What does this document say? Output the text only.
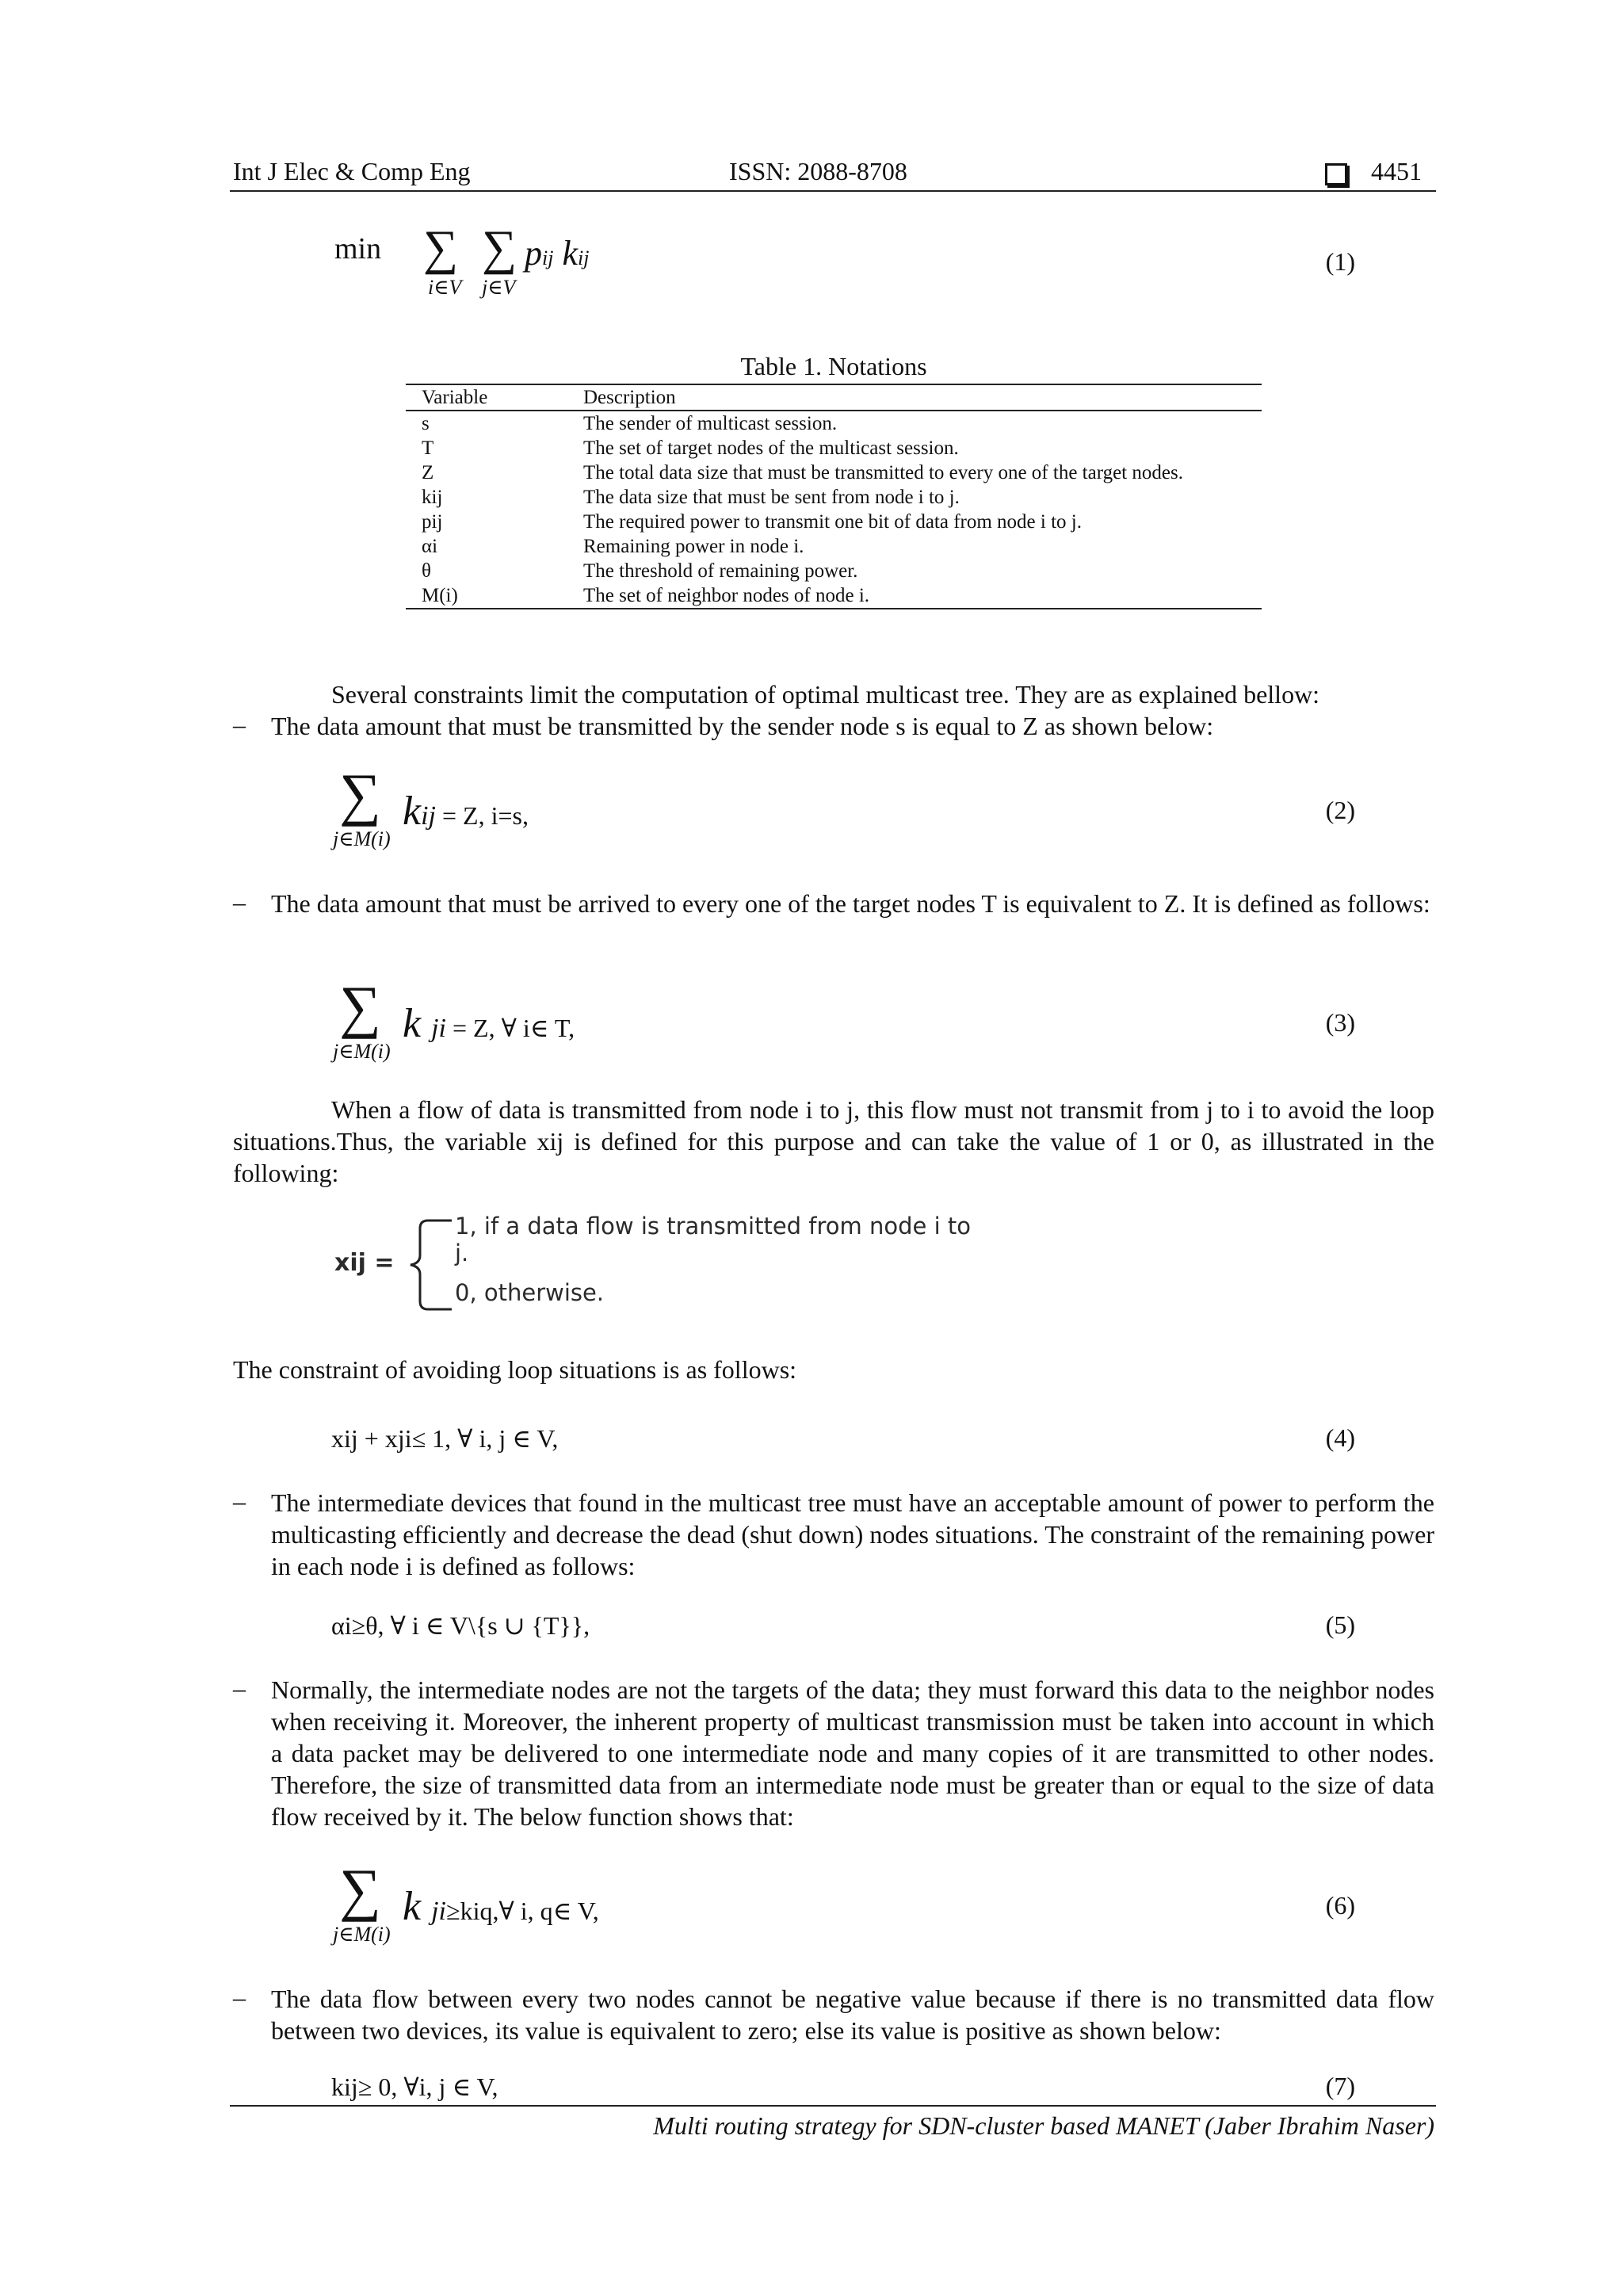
Int J Elec & Comp Eng	ISSN: 2088-8708	4451
min ∑ ∑
i∈V j∈V
pij kij	(1)
Table 1. Notations
Variable	Description
s	The sender of multicast session.
T	The set of target nodes of the multicast session.
Z	The total data size that must be transmitted to every one of the target nodes.
kij	The data size that must be sent from node i to j.
pij	The required power to transmit one bit of data from node i to j.
αi	Remaining power in node i.
θ	The threshold of remaining power.
M(i)	The set of neighbor nodes of node i.
Several constraints limit the computation of optimal multicast tree. They are as explained bellow:
– The data amount that must be transmitted by the sender node s is equal to Z as shown below:
∑
j∈M(i)
kij = Z, i=s,	(2)
– The data amount that must be arrived to every one of the target nodes T is equivalent to Z. It is defined as follows:
∑
j∈M(i)
k ji = Z, ∀ i∈ T,	(3)
When a flow of data is transmitted from node i to j, this flow must not transmit from j to i to avoid the loop situations.Thus, the variable xij is defined for this purpose and can take the value of 1 or 0, as illustrated in the following:
xij =
1, if a data flow is transmitted from node i to j.
0, otherwise.
The constraint of avoiding loop situations is as follows:
xij + xji≤ 1, ∀ i, j ∈ V,	(4)
– The intermediate devices that found in the multicast tree must have an acceptable amount of power to perform the multicasting efficiently and decrease the dead (shut down) nodes situations. The constraint of the remaining power in each node i is defined as follows:
αi≥θ, ∀ i ∈ V\{s ∪ {T}},	(5)
– Normally, the intermediate nodes are not the targets of the data; they must forward this data to the neighbor nodes when receiving it. Moreover, the inherent property of multicast transmission must be taken into account in which a data packet may be delivered to one intermediate node and many copies of it are transmitted to other nodes. Therefore, the size of transmitted data from an intermediate node must be greater than or equal to the size of data flow received by it. The below function shows that:
∑
j∈M(i)
k ji≥kiq,∀ i, q∈ V,	(6)
– The data flow between every two nodes cannot be negative value because if there is no transmitted data flow between two devices, its value is equivalent to zero; else its value is positive as shown below:
kij≥ 0, ∀i, j ∈ V,	(7)
Multi routing strategy for SDN-cluster based MANET (Jaber Ibrahim Naser)
